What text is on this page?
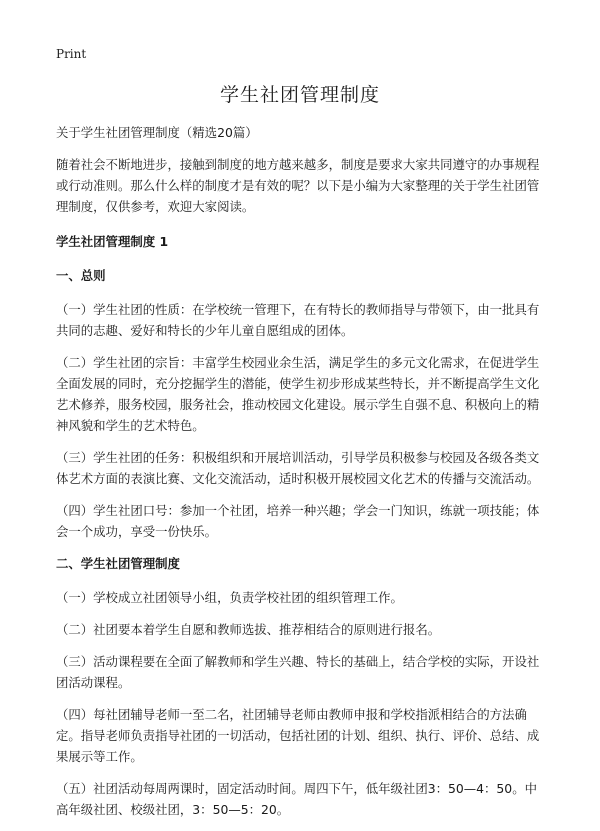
Print
学生社团管理制度

关于学生社团管理制度（精选20篇）

随着社会不断地进步，接触到制度的地方越来越多，制度是要求大家共同遵守的办事规程或行动准则。那么什么样的制度才是有效的呢？以下是小编为大家整理的关于学生社团管理制度，仅供参考，欢迎大家阅读。

学生社团管理制度 1

一、总则

（一）学生社团的性质：在学校统一管理下，在有特长的教师指导与带领下，由一批具有共同的志趣、爱好和特长的少年儿童自愿组成的团体。

（二）学生社团的宗旨：丰富学生校园业余生活，满足学生的多元文化需求，在促进学生全面发展的同时，充分挖掘学生的潜能，使学生初步形成某些特长，并不断提高学生文化艺术修养，服务校园，服务社会，推动校园文化建设。展示学生自强不息、积极向上的精神风貌和学生的艺术特色。

（三）学生社团的任务：积极组织和开展培训活动，引导学员积极参与校园及各级各类文体艺术方面的表演比赛、文化交流活动，适时积极开展校园文化艺术的传播与交流活动。

（四）学生社团口号：参加一个社团，培养一种兴趣；学会一门知识，练就一项技能；体会一个成功，享受一份快乐。

二、学生社团管理制度

（一）学校成立社团领导小组，负责学校社团的组织管理工作。

（二）社团要本着学生自愿和教师选拔、推荐相结合的原则进行报名。

（三）活动课程要在全面了解教师和学生兴趣、特长的基础上，结合学校的实际，开设社团活动课程。

（四）每社团辅导老师一至二名，社团辅导老师由教师申报和学校指派相结合的方法确定。指导老师负责指导社团的一切活动，包括社团的计划、组织、执行、评价、总结、成果展示等工作。

（五）社团活动每周两课时，固定活动时间。周四下午，低年级社团3：50—4：50。中高年级社团、校级社团，3：50—5：20。
